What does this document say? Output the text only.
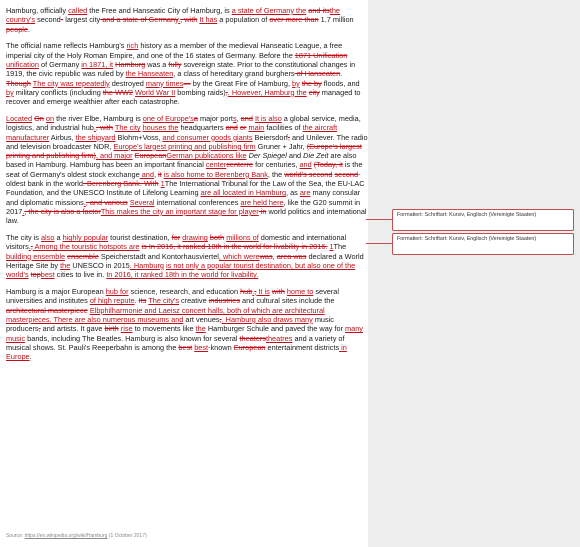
Hamburg, officially called the Free and Hanseatic City of Hamburg, is a state of Germany the and itsthe country's second- largest city and a state of Germany., with It has a population of over more than 1.7 million people.

The official name reflects Hamburg's rich history as a member of the medieval Hanseatic League, a free imperial city of the Holy Roman Empire, and one of the 16 states of Germany. Before the 1871 Unification unification of Germany in 1871, it Hamburg was a fully sovereign state. Prior to the constitutional changes in 1919, the civic republic was ruled by the Hanseaten, a class of hereditary grand burghers of Hanseaten. Though The city was repeatedly destroyed many times— by the Great Fire of Hamburg, by the by floods, and by military conflicts (including the WW2 World War II bombing raids),. However, Hamburg the city managed to recover and emerge wealthier after each catastrophe.

Located On on the river Elbe, Hamburg is one of Europe'sa major ports, and It is also a global service, media, logistics, and industrial hub., with The city houses the headquarters and or main facilities of the aircraft manufacturer Airbus, the shipyard Blohm+Voss, and consumer goods giants Beiersdorf, and Unilever. The radio and television broadcaster NDR, Europe's largest printing and publishing firm Gruner + Jahr, (Europe's largest printing and publishing firm), and major EuropeanGerman publications like Der Spiegel and Die Zeit are also based in Hamburg. Hamburg has been an important financial centercenterre for centuries, and (Today, it is the seat of Germany's oldest stock exchange and, it is also home to Berenberg Bank, the world's second second-oldest bank in the world. Berenberg Bank. With 1The International Tribunal for the Law of the Sea, the EU-LAC Foundation, and the UNESCO Institute of Lifelong Learning are all located in Hamburg, as are many consular and diplomatic missions., and various Several international conferences are held here, like the G20 summit in 2017., the city is also a factorThis makes the city an important stage for player in world politics and international law.

The city is also a highly popular tourist destination, for drawing both millions of domestic and international visitors., Among the touristic hotspots are is In 2016, it ranked 18th in the world for livability in 2016. 1The building ensemble ensemble Speicherstadt and Kontorhausviertel, which werewas, area was declared a World Heritage Site by the UNESCO in 2015. Hamburg is not only a popular tourist destination, but also one of the world's topbest cities to live in. In 2016, it ranked 18th in the world for livability.

Hamburg is a major European hub for science, research, and education hub., It is with home to several universities and institutes of high repute. Its The city's creative industries and cultural sites include the architectural masterpiece Elbphilharmonie and Laeisz concert halls, both of which are architectural masterpieces. There are also numerous museums and art venues,. Hamburg also draws many music producers, and artists. It gave birth rise to movements like the Hamburger Schule and paved the way for many music bands, including The Beatles. Hamburg is also known for several theaterstheatres and a variety of musical shows. St. Pauli's Reeperbahn is among the best best-known European entertainment districts in Europe.

Source: https://en.wikipedia.org/wiki/Hamburg (1 October 2017)
Formatiert: Schriftart: Kursiv, Englisch (Vereinigte Staaten)
Formatiert: Schriftart: Kursiv, Englisch (Vereinigte Staaten)
